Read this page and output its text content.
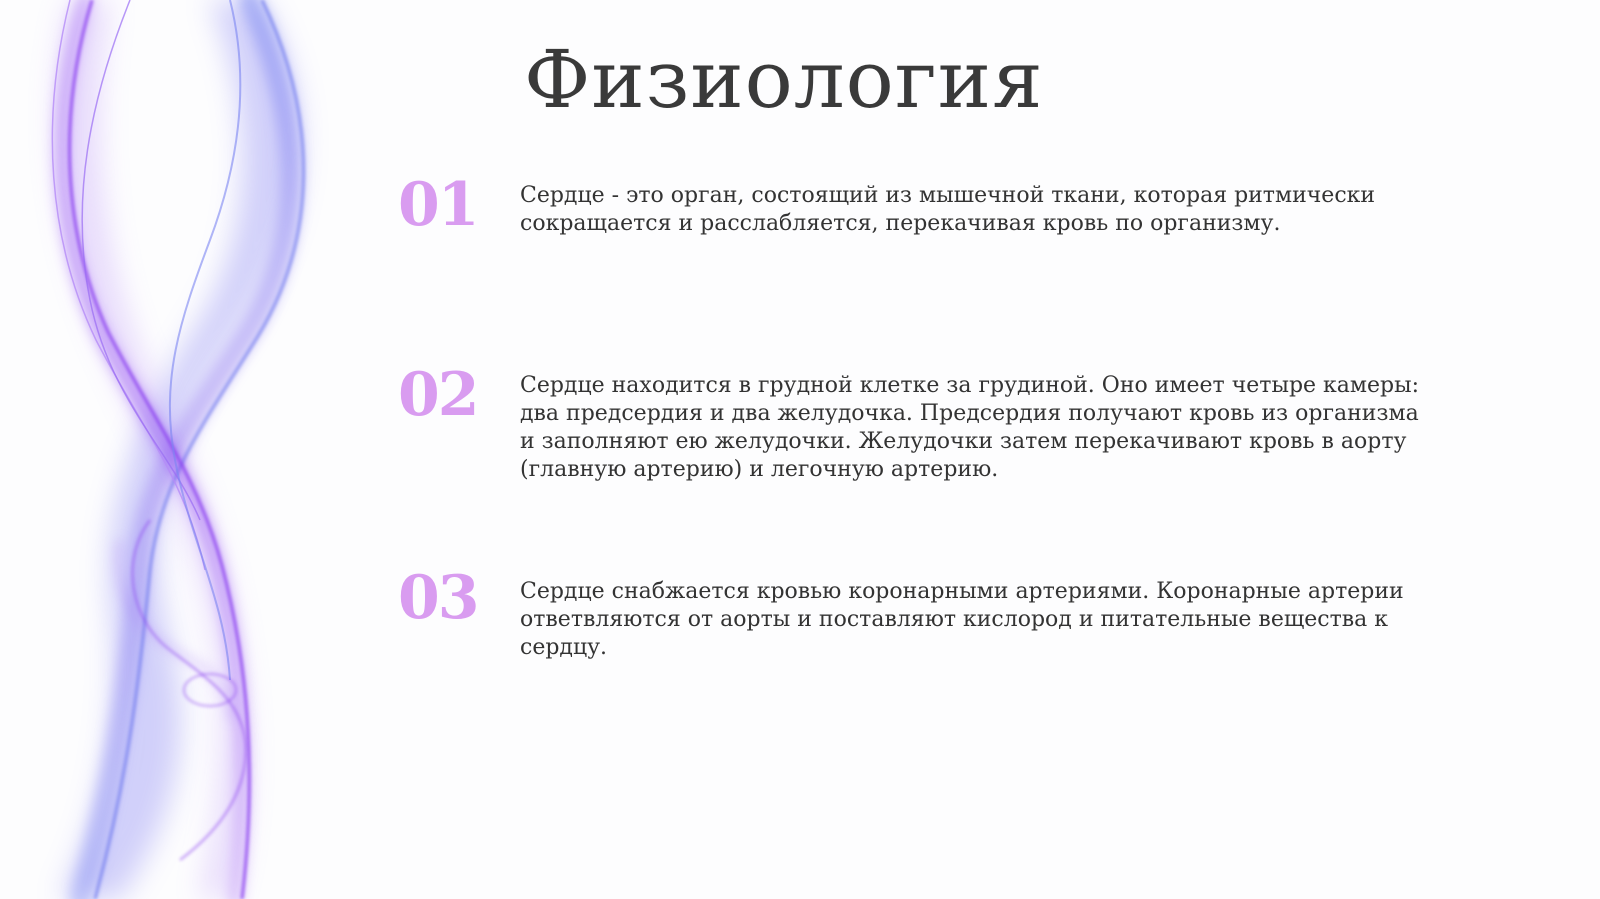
Физиология
01 Сердце - это орган, состоящий из мышечной ткани, которая ритмически сокращается и расслабляется, перекачивая кровь по организму.
02 Сердце находится в грудной клетке за грудиной. Оно имеет четыре камеры: два предсердия и два желудочка. Предсердия получают кровь из организма и заполняют ею желудочки. Желудочки затем перекачивают кровь в аорту (главную артерию) и легочную артерию.
03 Сердце снабжается кровью коронарными артериями. Коронарные артерии ответвляются от аорты и поставляют кислород и питательные вещества к сердцу.
